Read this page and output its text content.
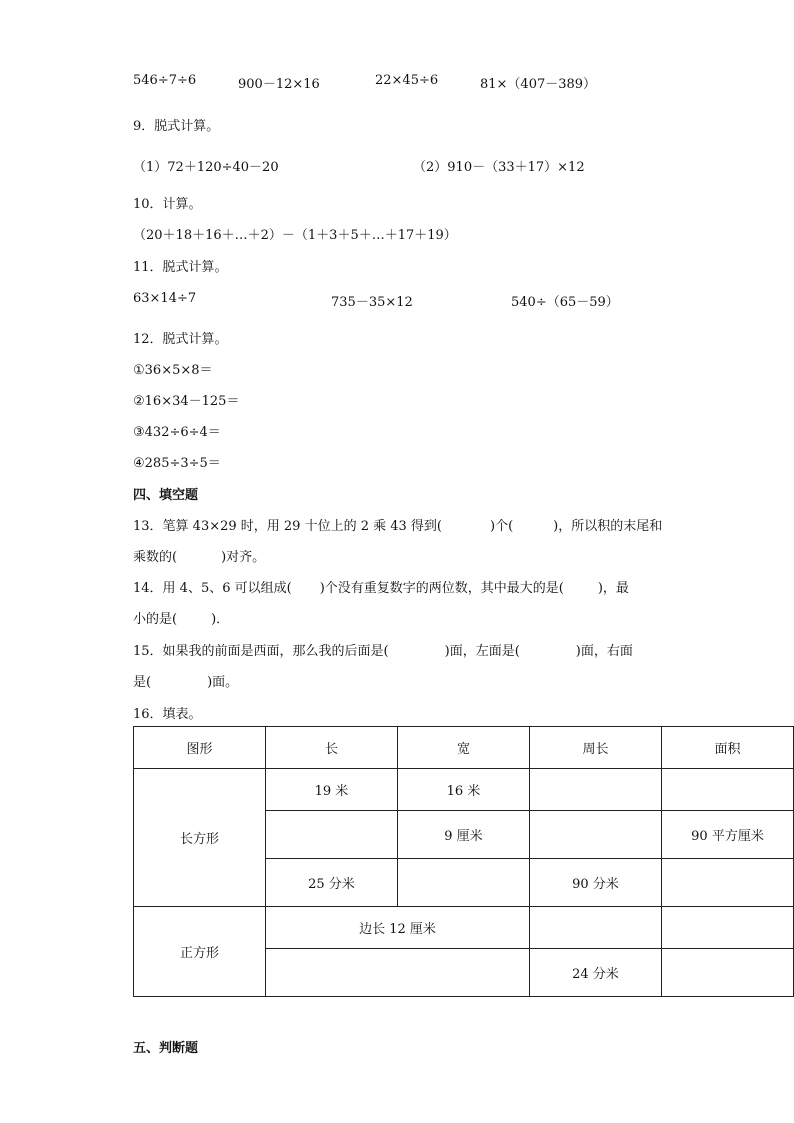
546÷7÷6	900－12×16	22×45÷6	81×（407－389）
9．脱式计算。
（1）72＋120÷40－20	（2）910－（33＋17）×12
10．计算。
（20＋18＋16＋…＋2）－（1＋3＋5＋…＋17＋19）
11．脱式计算。
63×14÷7	735－35×12	540÷（65－59）
12．脱式计算。
①36×5×8＝
②16×34－125＝
③432÷6÷4＝
④285÷3÷5＝
四、填空题
13．笔算 43×29 时，用 29 十位上的 2 乘 43 得到(	)个(	)，所以积的末尾和
乘数的(	)对齐。
14．用 4、5、6 可以组成( )个没有重复数字的两位数，其中最大的是(	)，最
小的是(	)．
15．如果我的前面是西面，那么我的后面是(	)面，左面是(	)面，右面
是(	)面。
16．填表。
图形	长	宽	周长	面积
长方形	19 米	16 米		
		9 厘米		90 平方厘米
	25 分米		90 分米	
正方形	边长 12 厘米			
			24 分米	
五、判断题
